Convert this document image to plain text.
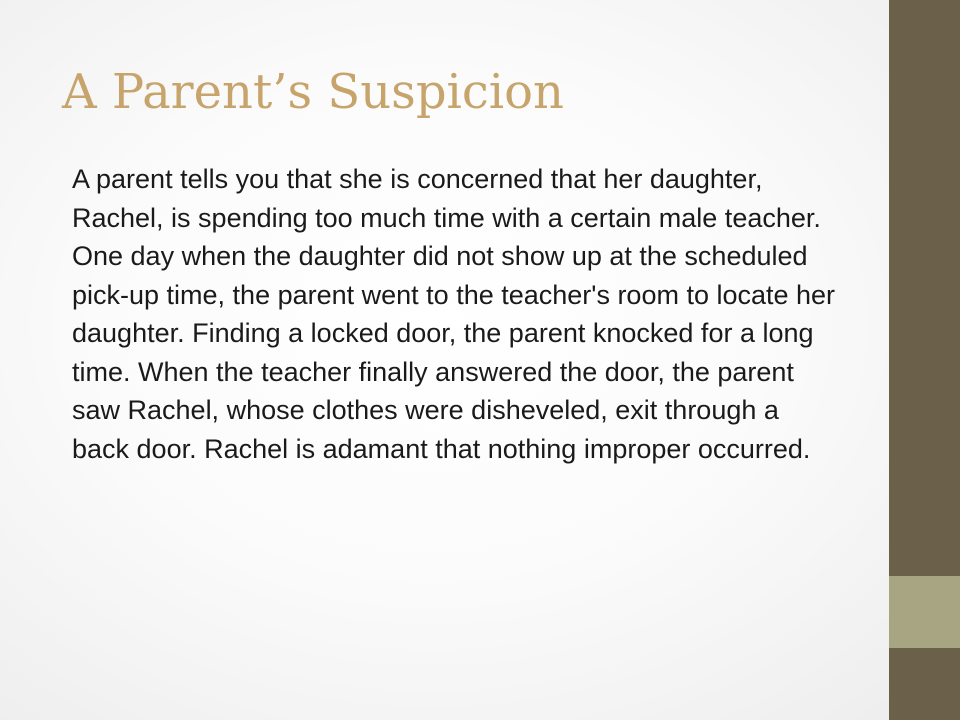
A Parent’s Suspicion

A parent tells you that she is concerned that her daughter, Rachel, is spending too much time with a certain male teacher. One day when the daughter did not show up at the scheduled pick-up time, the parent went to the teacher's room to locate her daughter. Finding a locked door, the parent knocked for a long time. When the teacher finally answered the door, the parent saw Rachel, whose clothes were disheveled, exit through a back door. Rachel is adamant that nothing improper occurred.
